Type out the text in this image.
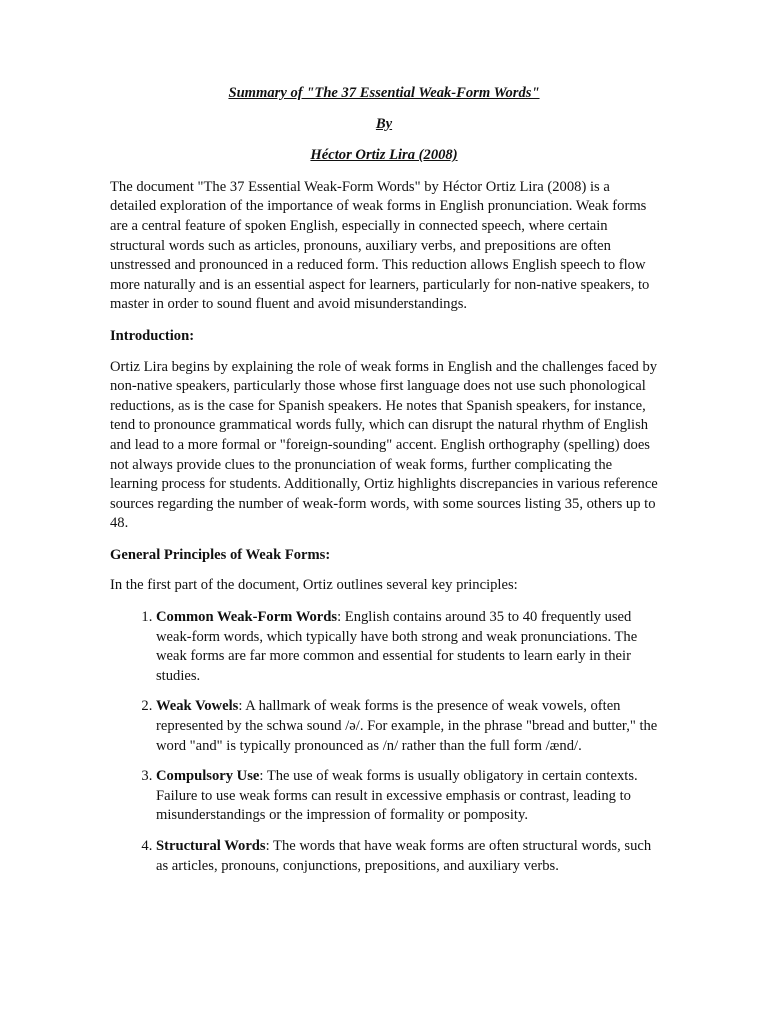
Summary of "The 37 Essential Weak-Form Words"

By

Héctor Ortiz Lira (2008)

The document "The 37 Essential Weak-Form Words" by Héctor Ortiz Lira (2008) is a detailed exploration of the importance of weak forms in English pronunciation. Weak forms are a central feature of spoken English, especially in connected speech, where certain structural words such as articles, pronouns, auxiliary verbs, and prepositions are often unstressed and pronounced in a reduced form. This reduction allows English speech to flow more naturally and is an essential aspect for learners, particularly for non-native speakers, to master in order to sound fluent and avoid misunderstandings.

Introduction:

Ortiz Lira begins by explaining the role of weak forms in English and the challenges faced by non-native speakers, particularly those whose first language does not use such phonological reductions, as is the case for Spanish speakers. He notes that Spanish speakers, for instance, tend to pronounce grammatical words fully, which can disrupt the natural rhythm of English and lead to a more formal or "foreign-sounding" accent. English orthography (spelling) does not always provide clues to the pronunciation of weak forms, further complicating the learning process for students. Additionally, Ortiz highlights discrepancies in various reference sources regarding the number of weak-form words, with some sources listing 35, others up to 48.

General Principles of Weak Forms:

In the first part of the document, Ortiz outlines several key principles:

1. Common Weak-Form Words: English contains around 35 to 40 frequently used weak-form words, which typically have both strong and weak pronunciations. The weak forms are far more common and essential for students to learn early in their studies.
2. Weak Vowels: A hallmark of weak forms is the presence of weak vowels, often represented by the schwa sound /ə/. For example, in the phrase "bread and butter," the word "and" is typically pronounced as /n/ rather than the full form /ænd/.
3. Compulsory Use: The use of weak forms is usually obligatory in certain contexts. Failure to use weak forms can result in excessive emphasis or contrast, leading to misunderstandings or the impression of formality or pomposity.
4. Structural Words: The words that have weak forms are often structural words, such as articles, pronouns, conjunctions, prepositions, and auxiliary verbs.
